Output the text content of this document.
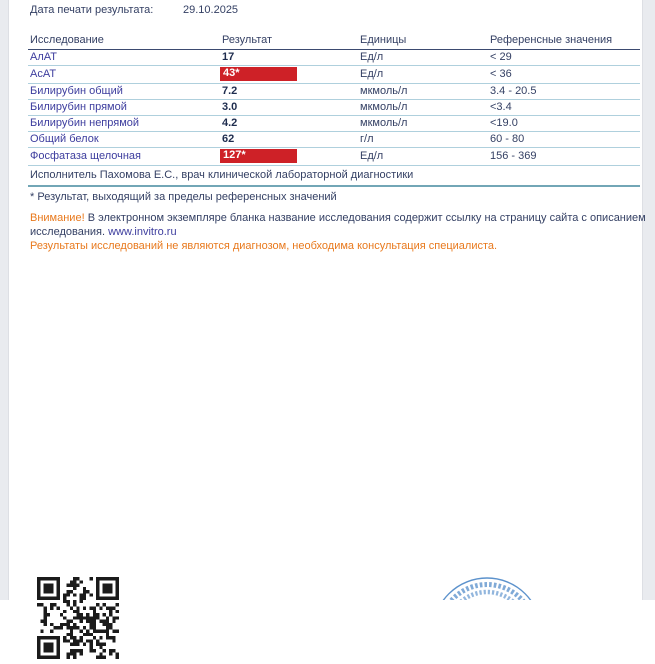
Дата печати результата:	29.10.2025
Исследование	Результат	Единицы	Референсные значения
АлАТ	17	Ед/л	< 29
АсАТ	43*	Ед/л	< 36
Билирубин общий	7.2	мкмоль/л	3.4 - 20.5
Билирубин прямой	3.0	мкмоль/л	<3.4
Билирубин непрямой	4.2	мкмоль/л	<19.0
Общий белок	62	г/л	60 - 80
Фосфатаза щелочная	127*	Ед/л	156 - 369
Исполнитель Пахомова Е.С., врач клинической лабораторной диагностики			

* Результат, выходящий за пределы референсных значений

Внимание! В электронном экземпляре бланка название исследования содержит ссылку на страницу сайта с описанием исследования. www.invitro.ru

Результаты исследований не являются диагнозом, необходима консультация специалиста.
